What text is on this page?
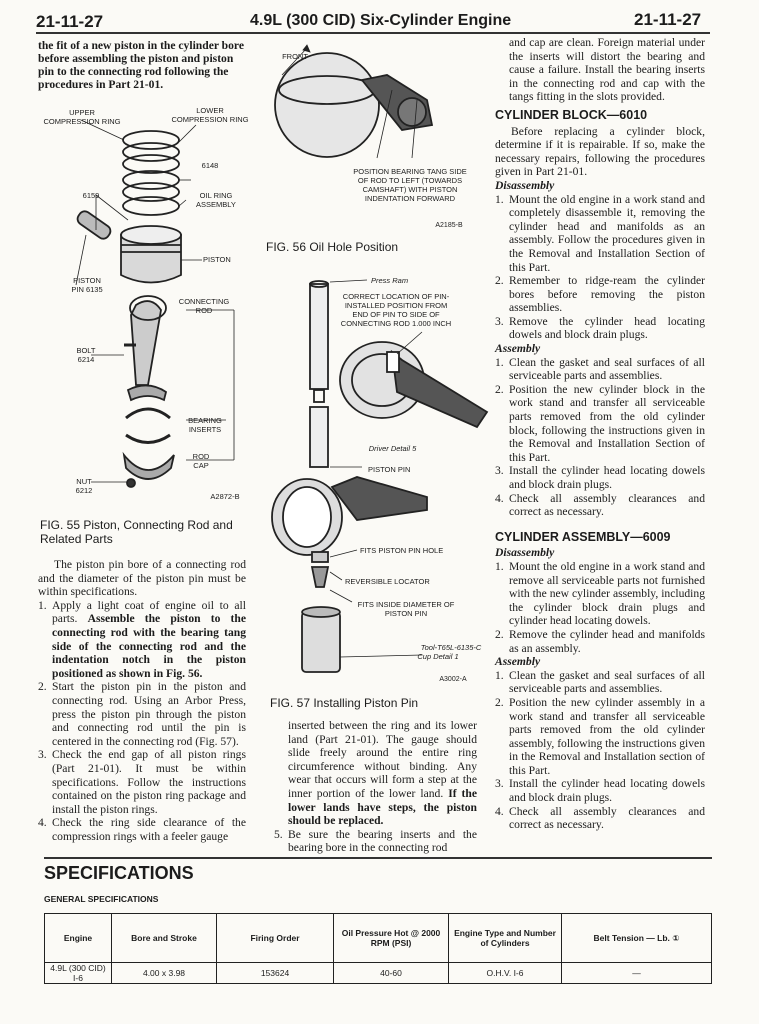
21-11-27	4.9L (300 CID) Six-Cylinder Engine	21-11-27
the fit of a new piston in the cylinder bore before assembling the piston and piston pin to the connecting rod following the procedures in Part 21-01.
UPPER COMPRESSION RING
LOWER COMPRESSION RING
6148
6159	OIL RING ASSEMBLY
PISTON
PISTON PIN 6135
CONNECTING ROD
BOLT 6214
BEARING INSERTS
ROD CAP
NUT 6212
A2872-B
FIG. 55 Piston, Connecting Rod and Related Parts

The piston pin bore of a connecting rod and the diameter of the piston pin must be within specifications.

1. Apply a light coat of engine oil to all parts. Assemble the piston to the connecting rod with the bearing tang side of the connecting rod and the indentation notch in the piston positioned as shown in Fig. 56.
2. Start the piston pin in the piston and connecting rod. Using an Arbor Press, press the piston pin through the piston and connecting rod until the pin is centered in the connecting rod (Fig. 57).
3. Check the end gap of all piston rings (Part 21-01). It must be within specifications. Follow the instructions contained on the piston ring package and install the piston rings.
4. Check the ring side clearance of the compression rings with a feeler gauge
FRONT
POSITION BEARING TANG SIDE OF ROD TO LEFT (TOWARDS CAMSHAFT) WITH PISTON INDENTATION FORWARD
A2185-B
FIG. 56 Oil Hole Position
Press Ram
CORRECT LOCATION OF PIN-INSTALLED POSITION FROM END OF PIN TO SIDE OF CONNECTING ROD 1.000 INCH
Driver Detail 5
PISTON PIN
FITS PISTON PIN HOLE
REVERSIBLE LOCATOR
FITS INSIDE DIAMETER OF PISTON PIN
Tool-T65L-6135-C
Cup Detail 1
A3002-A
FIG. 57 Installing Piston Pin

inserted between the ring and its lower land (Part 21-01). The gauge should slide freely around the entire ring circumference without binding. Any wear that occurs will form a step at the inner portion of the lower land. If the lower lands have steps, the piston should be replaced.

5. Be sure the bearing inserts and the bearing bore in the connecting rod

and cap are clean. Foreign material under the inserts will distort the bearing and cause a failure. Install the bearing inserts in the connecting rod and cap with the tangs fitting in the slots provided.

CYLINDER BLOCK—6010

Before replacing a cylinder block, determine if it is repairable. If so, make the necessary repairs, following the procedures given in Part 21-01.

Disassembly
1. Mount the old engine in a work stand and completely disassemble it, removing the cylinder head and manifolds as an assembly. Follow the procedures given in the Removal and Installation Section of this Part.
2. Remember to ridge-ream the cylinder bores before removing the piston assemblies.
3. Remove the cylinder head locating dowels and block drain plugs.
Assembly
1. Clean the gasket and seal surfaces of all serviceable parts and assemblies.
2. Position the new cylinder block in the work stand and transfer all serviceable parts removed from the old cylinder block, following the instructions given in the Removal and Installation Section of this Part.
3. Install the cylinder head locating dowels and block drain plugs.
4. Check all assembly clearances and correct as necessary.
CYLINDER ASSEMBLY—6009
Disassembly
1. Mount the old engine in a work stand and remove all serviceable parts not furnished with the new cylinder assembly, including the cylinder block drain plugs and cylinder head locating dowels.
2. Remove the cylinder head and manifolds as an assembly.
Assembly
1. Clean the gasket and seal surfaces of all serviceable parts and assemblies.
2. Position the new cylinder assembly in a work stand and transfer all serviceable parts removed from the old cylinder assembly, following the instructions given in the Removal and Installation section of this Part.
3. Install the cylinder head locating dowels and block drain plugs.
4. Check all assembly clearances and correct as necessary.
SPECIFICATIONS
GENERAL SPECIFICATIONS
Engine	Bore and Stroke	Firing Order	Oil Pressure Hot @ 2000 RPM (PSI)	Engine Type and Number of Cylinders	Belt Tension — Lb. ①
4.9L (300 CID) I-6	4.00 x 3.98	153624	40-60	O.H.V. I-6	—
